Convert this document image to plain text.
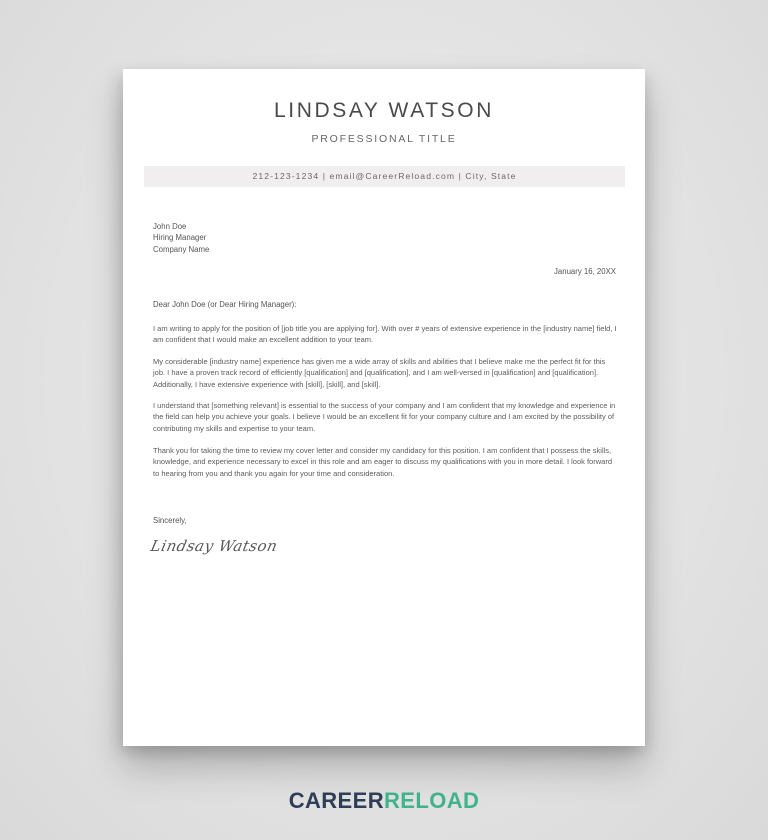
LINDSAY WATSON
PROFESSIONAL TITLE
212-123-1234 | email@CareerReload.com | City, State
John Doe
Hiring Manager
Company Name
January 16, 20XX
Dear John Doe (or Dear Hiring Manager):

I am writing to apply for the position of [job title you are applying for]. With over # years of extensive experience in the [industry name] field, I am confident that I would make an excellent addition to your team.

My considerable [industry name] experience has given me a wide array of skills and abilities that I believe make me the perfect fit for this job. I have a proven track record of efficiently [qualification] and [qualification], and I am well-versed in [qualification] and [qualification]. Additionally, I have extensive experience with [skill], [skill], and [skill].

I understand that [something relevant] is essential to the success of your company and I am confident that my knowledge and experience in the field can help you achieve your goals. I believe I would be an excellent fit for your company culture and I am excited by the possibility of contributing my skills and expertise to your team.

Thank you for taking the time to review my cover letter and consider my candidacy for this position. I am confident that I possess the skills, knowledge, and experience necessary to excel in this role and am eager to discuss my qualifications with you in more detail. I look forward to hearing from you and thank you again for your time and consideration.

Sincerely,
Lindsay Watson
CAREERRELOAD
